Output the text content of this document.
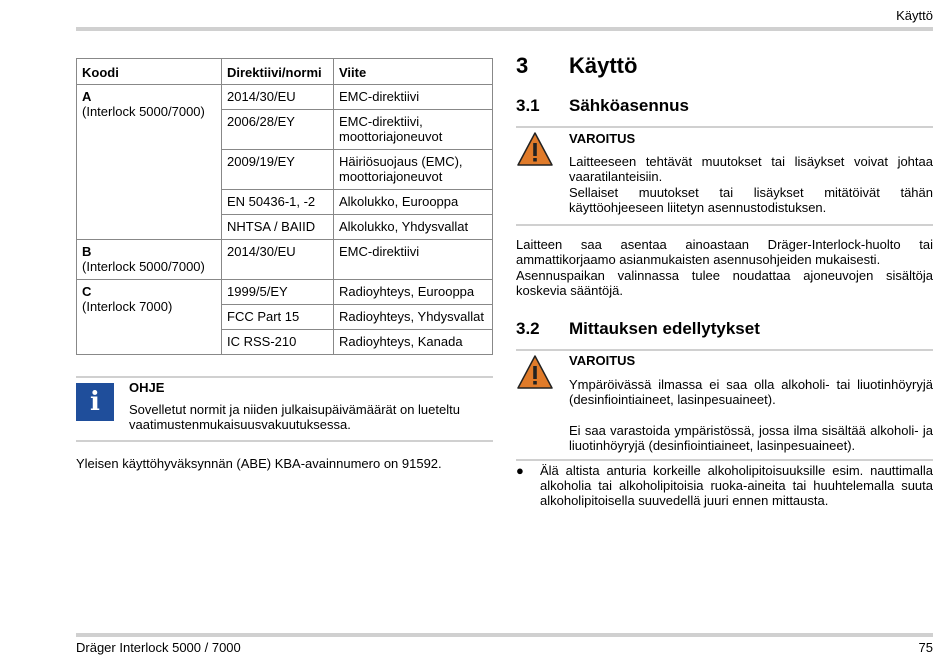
Käyttö
Koodi	Direktiivi/normi	Viite

A
(Interlock 5000/7000)	2014/30/EU	EMC-direktiivi
	2006/28/EY	EMC-direktiivi, moottoriajoneuvot
	2009/19/EY	Häiriösuojaus (EMC), moottoriajoneuvot
	EN 50436-1, -2	Alkolukko, Eurooppa
	NHTSA / BAIID	Alkolukko, Yhdysvallat

B
(Interlock 5000/7000)	2014/30/EU	EMC-direktiivi

C
(Interlock 7000)	1999/5/EY	Radioyhteys, Eurooppa
	FCC Part 15	Radioyhteys, Yhdysvallat
	IC RSS-210	Radioyhteys, Kanada
i	OHJE
Sovelletut normit ja niiden julkaisupäivämäärät on lueteltu vaatimustenmukaisuusvakuutuksessa.
Yleisen käyttöhyväksynnän (ABE) KBA-avainnumero on 91592.
3 Käyttö
3.1 Sähköasennus
VAROITUS
Laitteeseen tehtävät muutokset tai lisäykset voivat johtaa vaaratilanteisiin.
Sellaiset muutokset tai lisäykset mitätöivät tähän käyttöohjeeseen liitetyn asennustodistuksen.
Laitteen saa asentaa ainoastaan Dräger-Interlock-huolto tai ammattikorjaamo asianmukaisten asennusohjeiden mukaisesti.
Asennuspaikan valinnassa tulee noudattaa ajoneuvojen sisältöja koskevia sääntöjä.
3.2 Mittauksen edellytykset
VAROITUS
Ympäröivässä ilmassa ei saa olla alkoholi- tai liuotinhöyryjä (desinfiointiaineet, lasinpesuaineet).
Ei saa varastoida ympäristössä, jossa ilma sisältää alkoholi- ja liuotinhöyryjä (desinfiointiaineet, lasinpesuaineet).
● Älä altista anturia korkeille alkoholipitoisuuksille esim. nauttimalla alkoholia tai alkoholipitoisia ruoka-aineita tai huuhtelemalla suuta alkoholipitoisella suuvedellä juuri ennen mittausta.
Dräger Interlock 5000 / 7000	75
